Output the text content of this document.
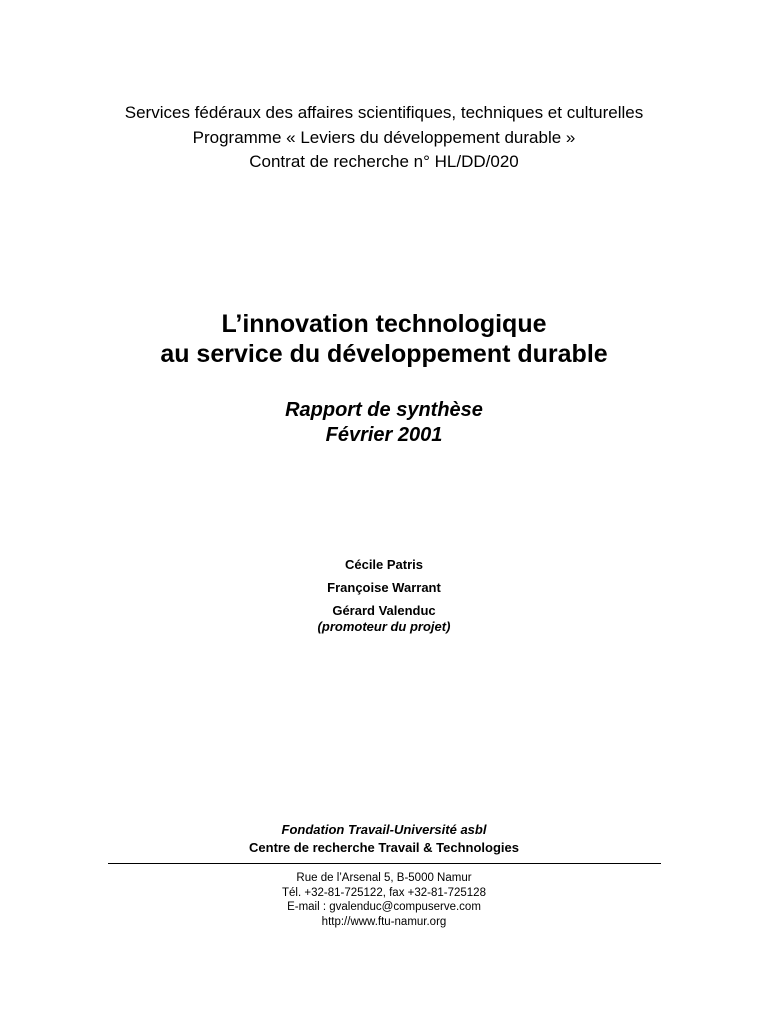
Services fédéraux des affaires scientifiques, techniques et culturelles
Programme « Leviers du développement durable »
Contrat de recherche n° HL/DD/020
L’innovation technologique
au service du développement durable
Rapport de synthèse
Février 2001
Cécile Patris
Françoise Warrant
Gérard Valenduc
(promoteur du projet)
Fondation Travail-Université asbl
Centre de recherche Travail & Technologies
Rue de l’Arsenal 5, B-5000 Namur
Tél. +32-81-725122, fax +32-81-725128
E-mail : gvalenduc@compuserve.com
http://www.ftu-namur.org
